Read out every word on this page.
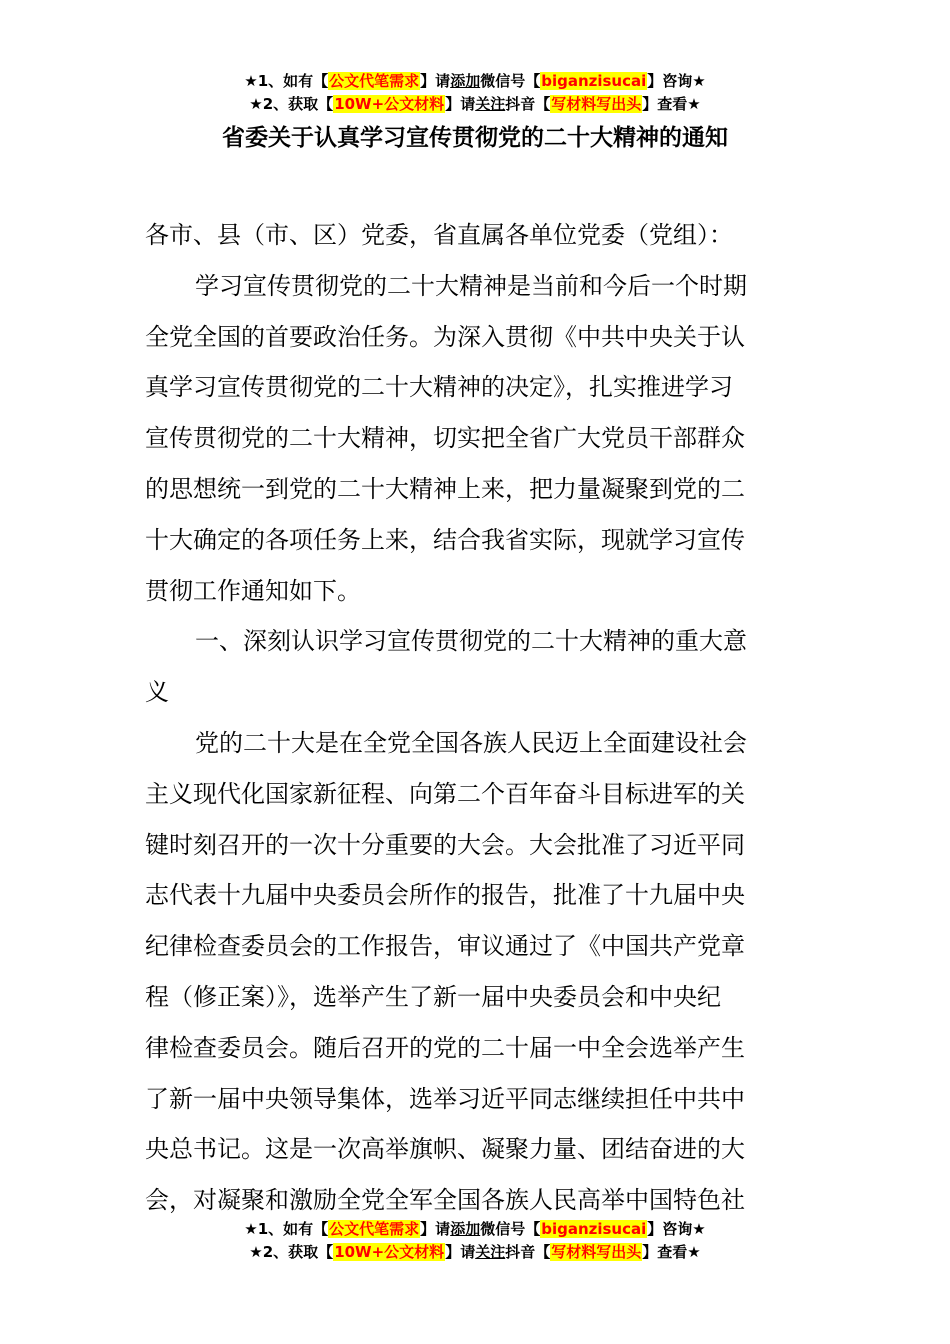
★1、如有【公文代笔需求】请添加微信号【biganzisucai】咨询★
★2、获取【10W+公文材料】请关注抖音【写材料写出头】查看★
省委关于认真学习宣传贯彻党的二十大精神的通知
各市、县（市、区）党委，省直属各单位党委（党组）：
学习宣传贯彻党的二十大精神是当前和今后一个时期
全党全国的首要政治任务。为深入贯彻《中共中央关于认
真学习宣传贯彻党的二十大精神的决定》，扎实推进学习
宣传贯彻党的二十大精神，切实把全省广大党员干部群众
的思想统一到党的二十大精神上来，把力量凝聚到党的二
十大确定的各项任务上来，结合我省实际，现就学习宣传
贯彻工作通知如下。
一、深刻认识学习宣传贯彻党的二十大精神的重大意
义
党的二十大是在全党全国各族人民迈上全面建设社会
主义现代化国家新征程、向第二个百年奋斗目标进军的关
键时刻召开的一次十分重要的大会。大会批准了习近平同
志代表十九届中央委员会所作的报告，批准了十九届中央
纪律检查委员会的工作报告，审议通过了《中国共产党章
程（修正案）》，选举产生了新一届中央委员会和中央纪
律检查委员会。随后召开的党的二十届一中全会选举产生
了新一届中央领导集体，选举习近平同志继续担任中共中
央总书记。这是一次高举旗帜、凝聚力量、团结奋进的大
会，对凝聚和激励全党全军全国各族人民高举中国特色社
★1、如有【公文代笔需求】请添加微信号【biganzisucai】咨询★
★2、获取【10W+公文材料】请关注抖音【写材料写出头】查看★
